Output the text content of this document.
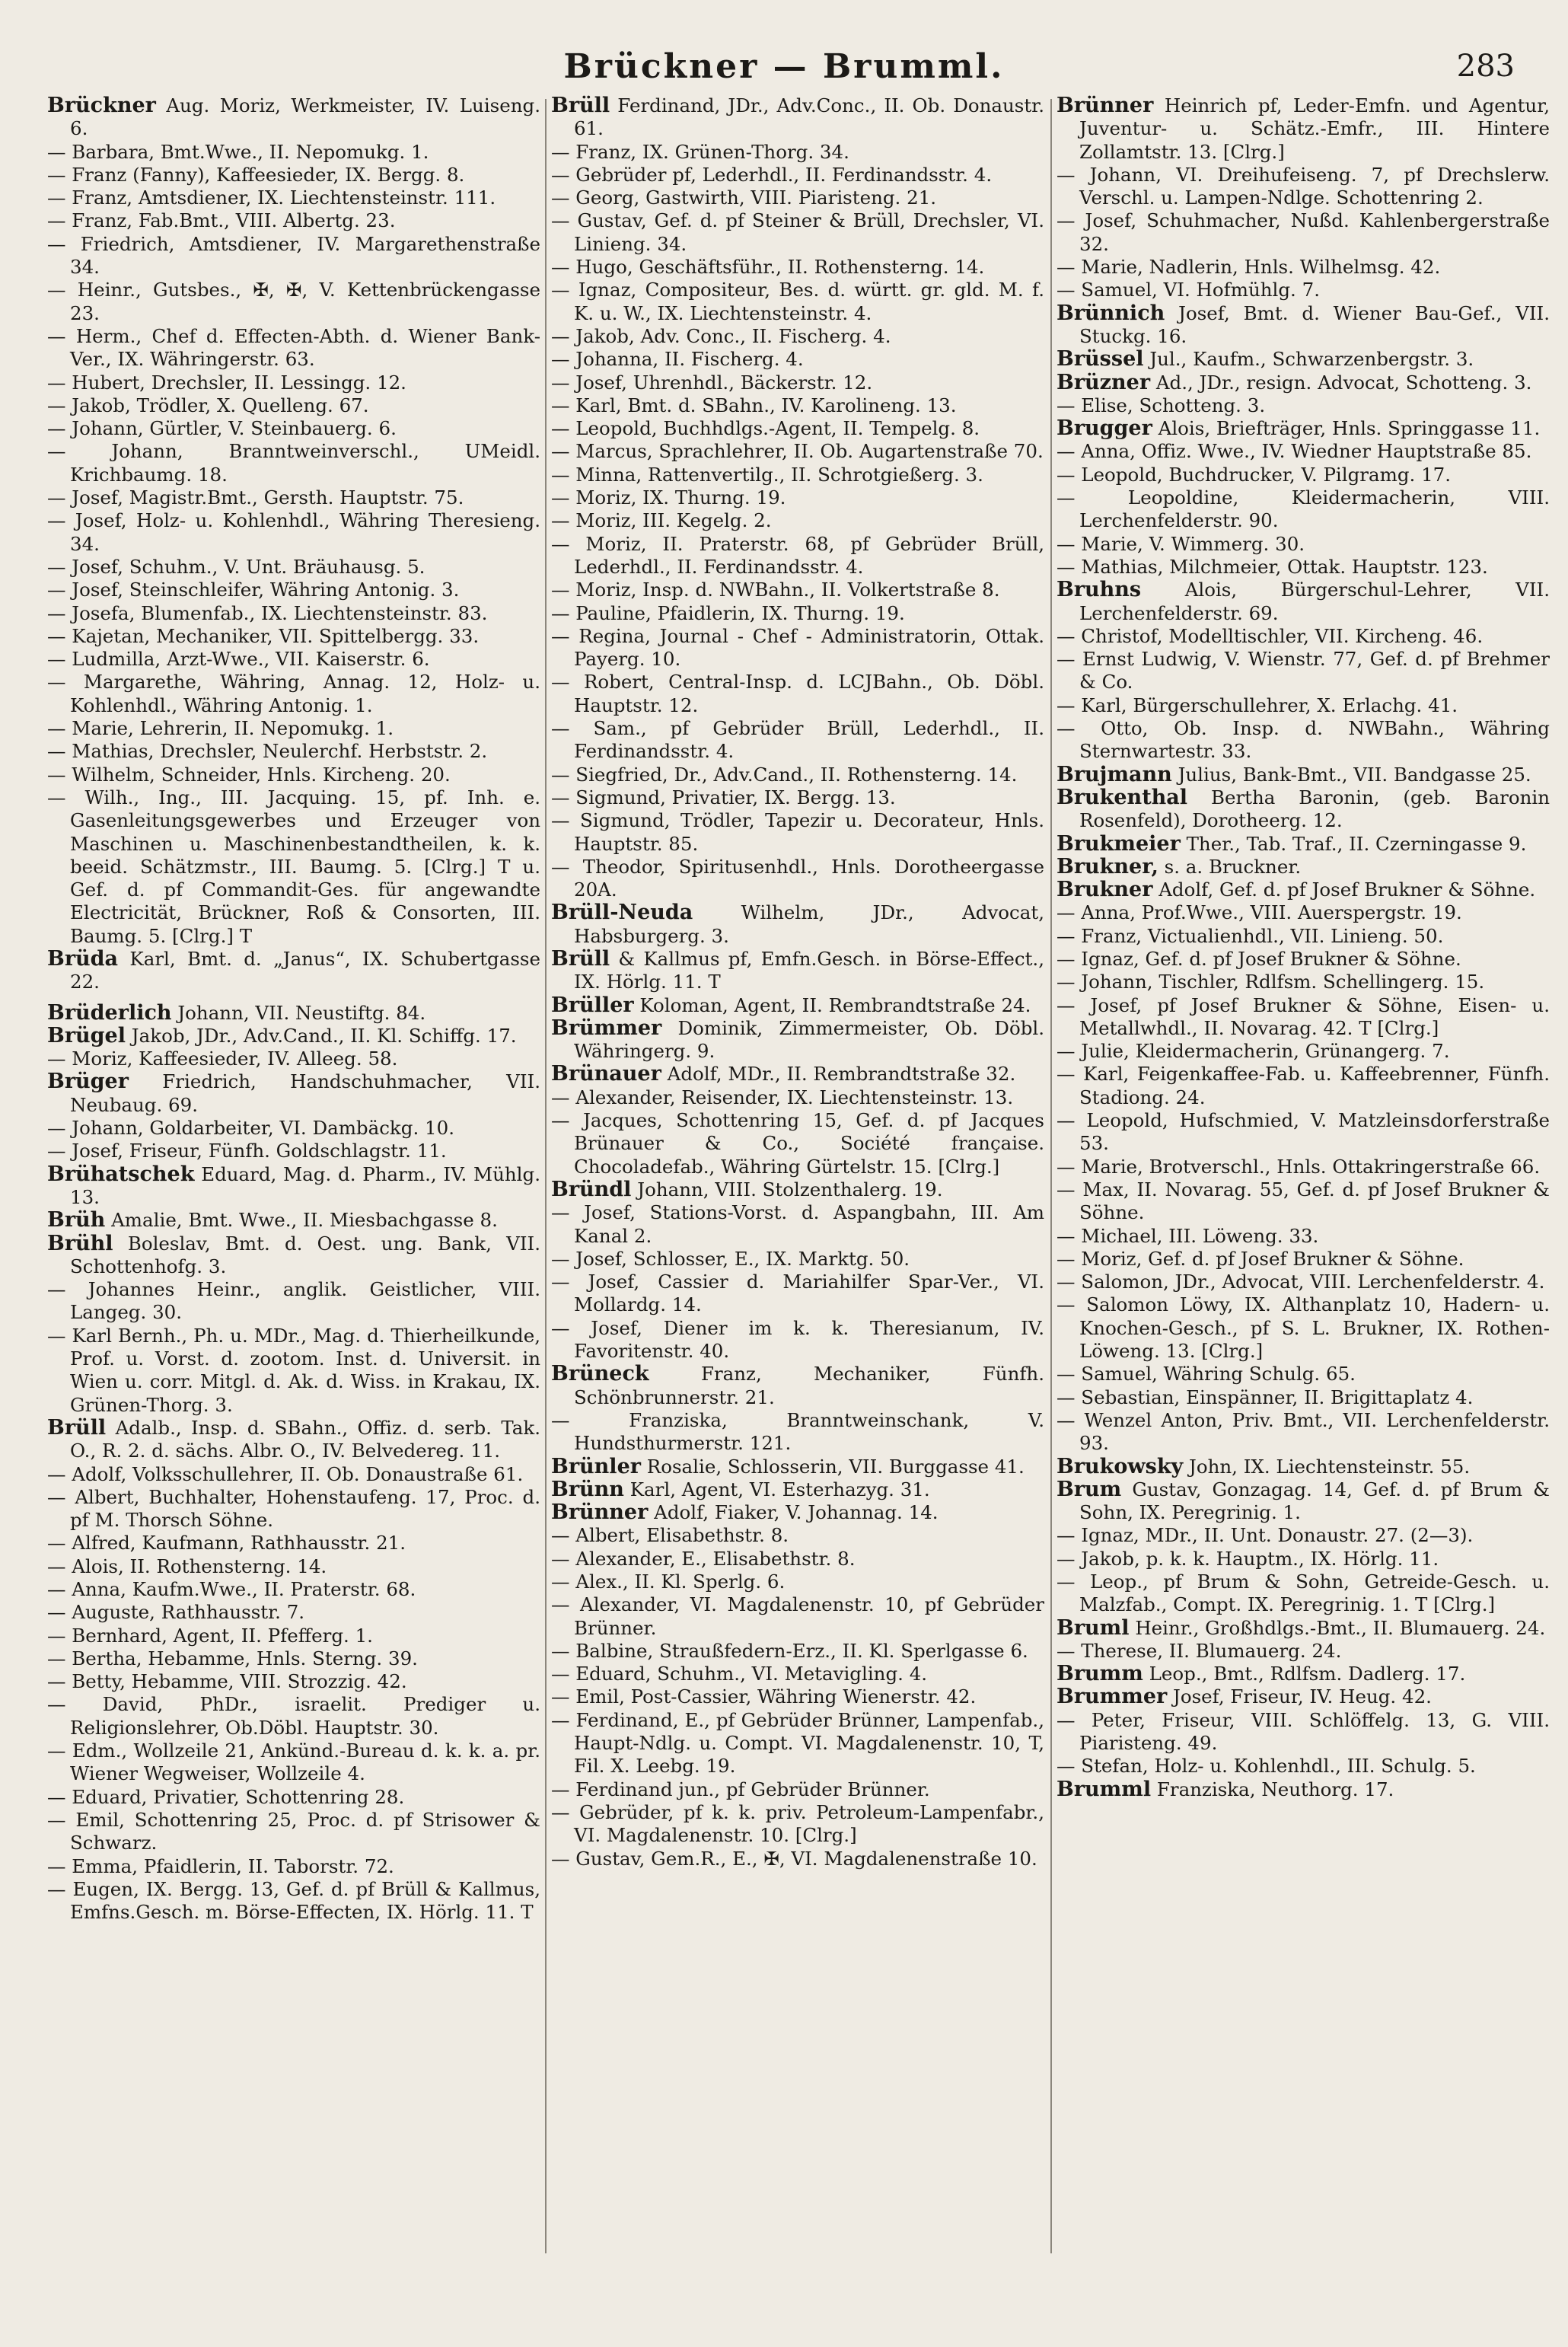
Brückner — Brumml.	283

Brückner Aug. Moriz, Werkmeister, IV. Luiseng. 6.

— Barbara, Bmt.Wwe., II. Nepomukg. 1.

— Franz (Fanny), Kaffeesieder, IX. Bergg. 8.

— Franz, Amtsdiener, IX. Liechtensteinstr. 111.

— Franz, Fab.Bmt., VIII. Albertg. 23.

— Friedrich, Amtsdiener, IV. Margarethenstraße 34.

— Heinr., Gutsbes., ✠, ✠, V. Kettenbrückengasse 23.

— Herm., Chef d. Effecten-Abth. d. Wiener Bank-Ver., IX. Währingerstr. 63.

— Hubert, Drechsler, II. Lessingg. 12.

— Jakob, Trödler, X. Quelleng. 67.

— Johann, Gürtler, V. Steinbauerg. 6.

— Johann, Branntweinverschl., UMeidl. Krichbaumg. 18.

— Josef, Magistr.Bmt., Gersth. Hauptstr. 75.

— Josef, Holz- u. Kohlenhdl., Währing Theresieng. 34.

— Josef, Schuhm., V. Unt. Bräuhausg. 5.

— Josef, Steinschleifer, Währing Antonig. 3.

— Josefa, Blumenfab., IX. Liechtensteinstr. 83.

— Kajetan, Mechaniker, VII. Spittelbergg. 33.

— Ludmilla, Arzt-Wwe., VII. Kaiserstr. 6.

— Margarethe, Währing, Annag. 12, Holz- u. Kohlenhdl., Währing Antonig. 1.

— Marie, Lehrerin, II. Nepomukg. 1.

— Mathias, Drechsler, Neulerchf. Herbststr. 2.

— Wilhelm, Schneider, Hnls. Kircheng. 20.

— Wilh., Ing., III. Jacquing. 15, pf. Inh. e. Gasenleitungsgewerbes und Erzeuger von Maschinen u. Maschinenbestandtheilen, k. k. beeid. Schätzmstr., III. Baumg. 5. [Clrg.] T u. Gef. d. pf Commandit-Ges. für angewandte Electricität, Brückner, Roß & Consorten, III. Baumg. 5. [Clrg.] T

Brüda Karl, Bmt. d. „Janus“, IX. Schubertgasse 22.

Brüderlich Johann, VII. Neustiftg. 84.

Brügel Jakob, JDr., Adv.Cand., II. Kl. Schiffg. 17.

— Moriz, Kaffeesieder, IV. Alleeg. 58.

Brüger Friedrich, Handschuhmacher, VII. Neubaug. 69.

— Johann, Goldarbeiter, VI. Dambäckg. 10.

— Josef, Friseur, Fünfh. Goldschlagstr. 11.

Brühatschek Eduard, Mag. d. Pharm., IV. Mühlg. 13.

Brüh Amalie, Bmt. Wwe., II. Miesbachgasse 8.

Brühl Boleslav, Bmt. d. Oest. ung. Bank, VII. Schottenhofg. 3.

— Johannes Heinr., anglik. Geistlicher, VIII. Langeg. 30.

— Karl Bernh., Ph. u. MDr., Mag. d. Thierheilkunde, Prof. u. Vorst. d. zootom. Inst. d. Universit. in Wien u. corr. Mitgl. d. Ak. d. Wiss. in Krakau, IX. Grünen-Thorg. 3.

Brüll Adalb., Insp. d. SBahn., Offiz. d. serb. Tak. O., R. 2. d. sächs. Albr. O., IV. Belvedereg. 11.

— Adolf, Volksschullehrer, II. Ob. Donaustraße 61.

— Albert, Buchhalter, Hohenstaufeng. 17, Proc. d. pf M. Thorsch Söhne.

— Alfred, Kaufmann, Rathhausstr. 21.

— Alois, II. Rothensterng. 14.

— Anna, Kaufm.Wwe., II. Praterstr. 68.

— Auguste, Rathhausstr. 7.

— Bernhard, Agent, II. Pfefferg. 1.

— Bertha, Hebamme, Hnls. Sterng. 39.

— Betty, Hebamme, VIII. Strozzig. 42.

— David, PhDr., israelit. Prediger u. Religionslehrer, Ob.Döbl. Hauptstr. 30.

— Edm., Wollzeile 21, Ankünd.-Bureau d. k. k. a. pr. Wiener Wegweiser, Wollzeile 4.

— Eduard, Privatier, Schottenring 28.

— Emil, Schottenring 25, Proc. d. pf Strisower & Schwarz.

— Emma, Pfaidlerin, II. Taborstr. 72.

— Eugen, IX. Bergg. 13, Gef. d. pf Brüll & Kallmus, Emfns.Gesch. m. Börse-Effecten, IX. Hörlg. 11. T

Brüll Ferdinand, JDr., Adv.Conc., II. Ob. Donaustr. 61.

— Franz, IX. Grünen-Thorg. 34.

— Gebrüder pf, Lederhdl., II. Ferdinandsstr. 4.

— Georg, Gastwirth, VIII. Piaristeng. 21.

— Gustav, Gef. d. pf Steiner & Brüll, Drechsler, VI. Linieng. 34.

— Hugo, Geschäftsführ., II. Rothensterng. 14.

— Ignaz, Compositeur, Bes. d. württ. gr. gld. M. f. K. u. W., IX. Liechtensteinstr. 4.

— Jakob, Adv. Conc., II. Fischerg. 4.

— Johanna, II. Fischerg. 4.

— Josef, Uhrenhdl., Bäckerstr. 12.

— Karl, Bmt. d. SBahn., IV. Karolineng. 13.

— Leopold, Buchhdlgs.-Agent, II. Tempelg. 8.

— Marcus, Sprachlehrer, II. Ob. Augartenstraße 70.

— Minna, Rattenvertilg., II. Schrotgießerg. 3.

— Moriz, IX. Thurng. 19.

— Moriz, III. Kegelg. 2.

— Moriz, II. Praterstr. 68, pf Gebrüder Brüll, Lederhdl., II. Ferdinandsstr. 4.

— Moriz, Insp. d. NWBahn., II. Volkertstraße 8.

— Pauline, Pfaidlerin, IX. Thurng. 19.

— Regina, Journal - Chef - Administratorin, Ottak. Payerg. 10.

— Robert, Central-Insp. d. LCJBahn., Ob. Döbl. Hauptstr. 12.

— Sam., pf Gebrüder Brüll, Lederhdl., II. Ferdinandsstr. 4.

— Siegfried, Dr., Adv.Cand., II. Rothensterng. 14.

— Sigmund, Privatier, IX. Bergg. 13.

— Sigmund, Trödler, Tapezir u. Decorateur, Hnls. Hauptstr. 85.

— Theodor, Spiritusenhdl., Hnls. Dorotheergasse 20A.

Brüll-Neuda	Wilhelm, JDr., Advocat, Habsburgerg. 3.

Brüll & Kallmus pf, Emfn.Gesch. in Börse-Effect., IX. Hörlg. 11. T

Brüller Koloman, Agent, II. Rembrandtstraße 24.

Brümmer Dominik, Zimmermeister, Ob. Döbl. Währingerg. 9.

Brünauer Adolf, MDr., II. Rembrandtstraße 32.

— Alexander, Reisender, IX. Liechtensteinstr. 13.

— Jacques, Schottenring 15, Gef. d. pf Jacques Brünauer & Co., Société française. Chocoladefab., Währing Gürtelstr. 15. [Clrg.]

Bründl Johann, VIII. Stolzenthalerg. 19.

— Josef, Stations-Vorst. d. Aspangbahn, III. Am Kanal 2.

— Josef, Schlosser, E., IX. Marktg. 50.

— Josef, Cassier d. Mariahilfer Spar-Ver., VI. Mollardg. 14.

— Josef, Diener im k. k. Theresianum, IV. Favoritenstr. 40.

Brüneck	Franz, Mechaniker, Fünfh. Schönbrunnerstr. 21.

— Franziska, Branntweinschank, V. Hundsthurmerstr. 121.

Brünler Rosalie, Schlosserin, VII. Burggasse 41.

Brünn Karl, Agent, VI. Esterhazyg. 31.

Brünner Adolf, Fiaker, V. Johannag. 14.

— Albert, Elisabethstr. 8.

— Alexander, E., Elisabethstr. 8.

— Alex., II. Kl. Sperlg. 6.

— Alexander, VI. Magdalenenstr. 10, pf Gebrüder Brünner.

— Balbine, Straußfedern-Erz., II. Kl. Sperlgasse 6.

— Eduard, Schuhm., VI. Metavigling. 4.

— Emil, Post-Cassier, Währing Wienerstr. 42.

— Ferdinand, E., pf Gebrüder Brünner, Lampenfab., Haupt-Ndlg. u. Compt. VI. Magdalenenstr. 10, T, Fil. X. Leebg. 19.

— Ferdinand jun., pf Gebrüder Brünner.

— Gebrüder, pf k. k. priv. Petroleum-Lampenfabr., VI. Magdalenenstr. 10. [Clrg.]

— Gustav, Gem.R., E., ✠, VI. Magdalenenstraße 10.

Brünner Heinrich pf, Leder-Emfn. und Agentur, Juventur- u. Schätz.-Emfr., III. Hintere Zollamtstr. 13. [Clrg.]

— Johann, VI. Dreihufeiseng. 7, pf Drechslerw. Verschl. u. Lampen-Ndlge. Schottenring 2.

— Josef, Schuhmacher, Nußd. Kahlenbergerstraße 32.

— Marie, Nadlerin, Hnls. Wilhelmsg. 42.

— Samuel, VI. Hofmühlg. 7.

Brünnich Josef, Bmt. d. Wiener Bau-Gef., VII. Stuckg. 16.

Brüssel Jul., Kaufm., Schwarzenbergstr. 3.

Brüzner Ad., JDr., resign. Advocat, Schotteng. 3.

— Elise, Schotteng. 3.

Brugger Alois, Briefträger, Hnls. Springgasse 11.

— Anna, Offiz. Wwe., IV. Wiedner Hauptstraße 85.

— Leopold, Buchdrucker, V. Pilgramg. 17.

— Leopoldine, Kleidermacherin, VIII. Lerchenfelderstr. 90.

— Marie, V. Wimmerg. 30.

— Mathias, Milchmeier, Ottak. Hauptstr. 123.

Bruhns Alois, Bürgerschul-Lehrer, VII. Lerchenfelderstr. 69.

— Christof, Modelltischler, VII. Kircheng. 46.

— Ernst Ludwig, V. Wienstr. 77, Gef. d. pf Brehmer & Co.

— Karl, Bürgerschullehrer, X. Erlachg. 41.

— Otto, Ob. Insp. d. NWBahn., Währing Sternwartestr. 33.

Brujmann Julius, Bank-Bmt., VII. Bandgasse 25.

Brukenthal Bertha Baronin, (geb. Baronin Rosenfeld), Dorotheerg. 12.

Brukmeier Ther., Tab. Traf., II. Czerningasse 9.

Brukner, s. a. Bruckner.

Brukner Adolf, Gef. d. pf Josef Brukner & Söhne.

— Anna, Prof.Wwe., VIII. Auerspergstr. 19.

— Franz, Victualienhdl., VII. Linieng. 50.

— Ignaz, Gef. d. pf Josef Brukner & Söhne.

— Johann, Tischler, Rdlfsm. Schellingerg. 15.

— Josef, pf Josef Brukner & Söhne, Eisen- u. Metallwhdl., II. Novarag. 42. T [Clrg.]

— Julie, Kleidermacherin, Grünangerg. 7.

— Karl, Feigenkaffee-Fab. u. Kaffeebrenner, Fünfh. Stadiong. 24.

— Leopold, Hufschmied, V. Matzleinsdorferstraße 53.

— Marie, Brotverschl., Hnls. Ottakringerstraße 66.

— Max, II. Novarag. 55, Gef. d. pf Josef Brukner & Söhne.

— Michael, III. Löweng. 33.

— Moriz, Gef. d. pf Josef Brukner & Söhne.

— Salomon, JDr., Advocat, VIII. Lerchenfelderstr. 4.

— Salomon Löwy, IX. Althanplatz 10, Hadern- u. Knochen-Gesch., pf S. L. Brukner, IX. Rothen-Löweng. 13. [Clrg.]

— Samuel, Währing Schulg. 65.

— Sebastian, Einspänner, II. Brigittaplatz 4.

— Wenzel Anton, Priv. Bmt., VII. Lerchenfelderstr. 93.

Brukowsky John, IX. Liechtensteinstr. 55.

Brum Gustav, Gonzagag. 14, Gef. d. pf Brum & Sohn, IX. Peregrinig. 1.

— Ignaz, MDr., II. Unt. Donaustr. 27. (2—3).

— Jakob, p. k. k. Hauptm., IX. Hörlg. 11.

— Leop., pf Brum & Sohn, Getreide-Gesch. u. Malzfab., Compt. IX. Peregrinig. 1. T [Clrg.]

Bruml Heinr., Großhdlgs.-Bmt., II. Blumauerg. 24.

— Therese, II. Blumauerg. 24.

Brumm Leop., Bmt., Rdlfsm. Dadlerg. 17.

Brummer Josef, Friseur, IV. Heug. 42.

— Peter, Friseur, VIII. Schlöffelg. 13, G. VIII. Piaristeng. 49.

— Stefan, Holz- u. Kohlenhdl., III. Schulg. 5.

Brumml Franziska, Neuthorg. 17.
